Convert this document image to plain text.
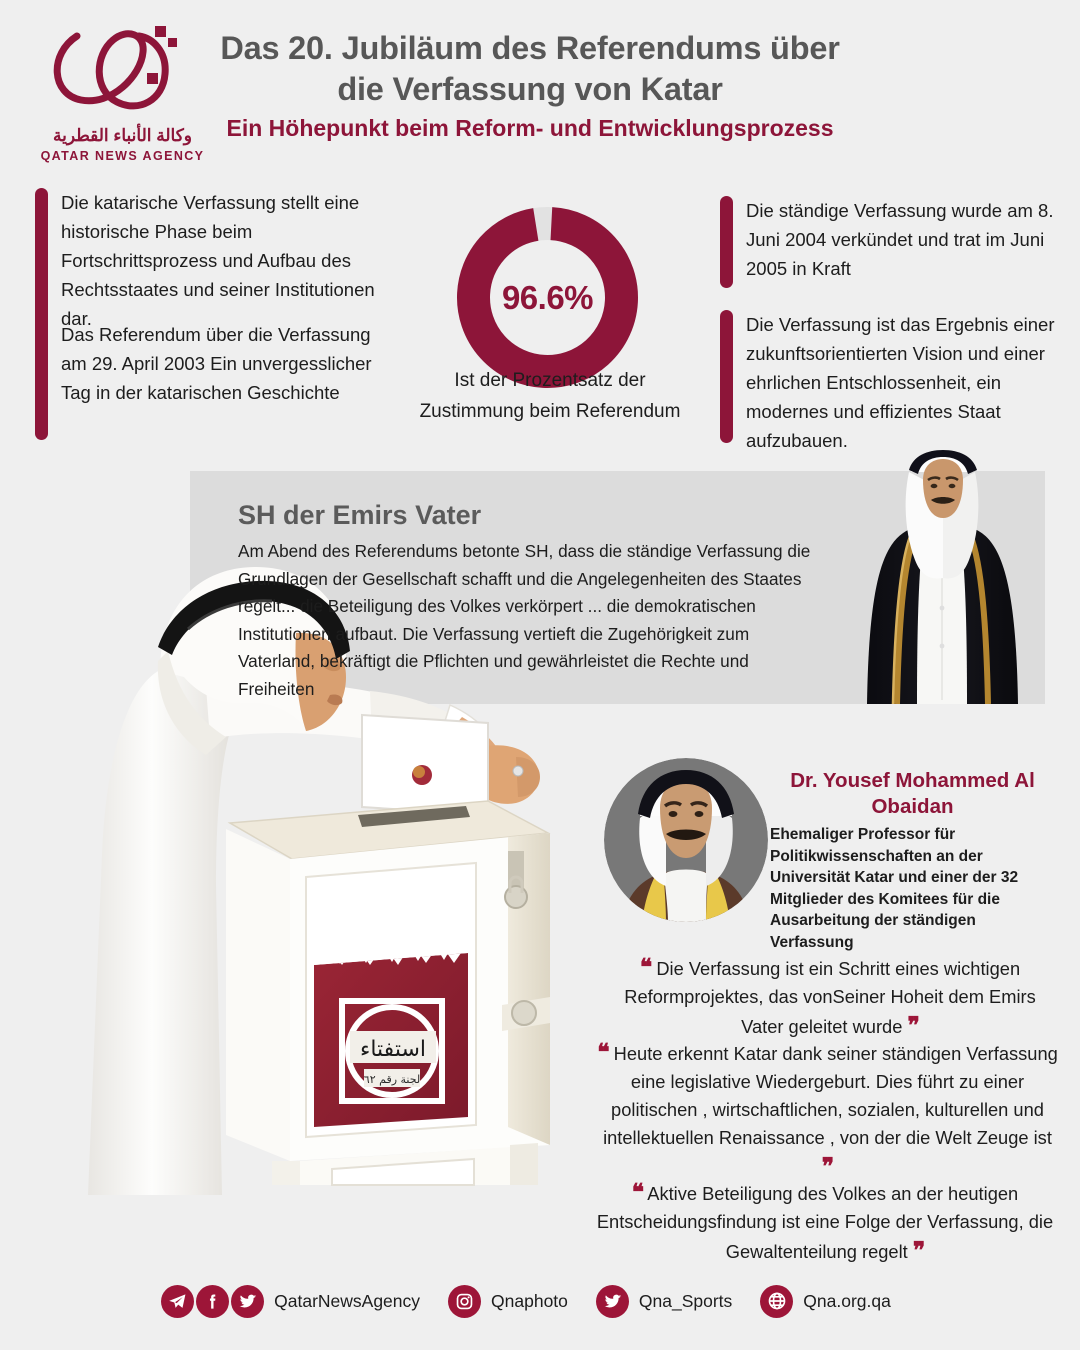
وكالة الأنباء القطرية
QATAR NEWS AGENCY
Das 20. Jubiläum des Referendums über die Verfassung von Katar
Ein Höhepunkt beim Reform- und Entwicklungsprozess

Die katarische Verfassung stellt eine historische Phase beim Fortschrittsprozess und Aufbau des Rechtsstaates und seiner Institutionen dar.

Das Referendum über die Verfassung am 29. April 2003 Ein unvergesslicher Tag in der katarischen Geschichte

Die ständige Verfassung wurde am 8. Juni 2004 verkündet und trat im Juni 2005 in Kraft

Die Verfassung ist das Ergebnis einer zukunftsorientierten Vision und einer ehrlichen Entschlossenheit, ein modernes und effizientes Staat aufzubauen.

96.6%
Ist der Prozentsatz der Zustimmung beim Referendum
استفتاء
لجنة رقم ٦٢
SH der Emirs Vater
Am Abend des Referendums betonte SH, dass die ständige Verfassung die Grundlagen der Gesellschaft schafft und die Angelegenheiten des Staates regelt... die Beteiligung des Volkes verkörpert ... die demokratischen Institutionen aufbaut. Die Verfassung vertieft die Zugehörigkeit zum Vaterland, bekräftigt die Pflichten und gewährleistet die Rechte und Freiheiten
Dr. Yousef Mohammed Al Obaidan
Ehemaliger Professor für Politikwissenschaften an der Universität Katar und einer der 32 Mitglieder des Komitees für die Ausarbeitung der ständigen Verfassung
❝ Die Verfassung ist ein Schritt eines wichtigen Reformprojektes, das vonSeiner Hoheit dem Emirs Vater geleitet wurde ❞
❝ Heute erkennt Katar dank seiner ständigen Verfassung eine legislative Wiedergeburt. Dies führt zu einer politischen , wirtschaftlichen, sozialen, kulturellen und intellektuellen Renaissance , von der die Welt Zeuge ist ❞
❝ Aktive Beteiligung des Volkes an der heutigen Entscheidungsfindung ist eine Folge der Verfassung, die Gewaltenteilung regelt ❞
QatarNewsAgency	Qnaphoto	Qna_Sports	Qna.org.qa
